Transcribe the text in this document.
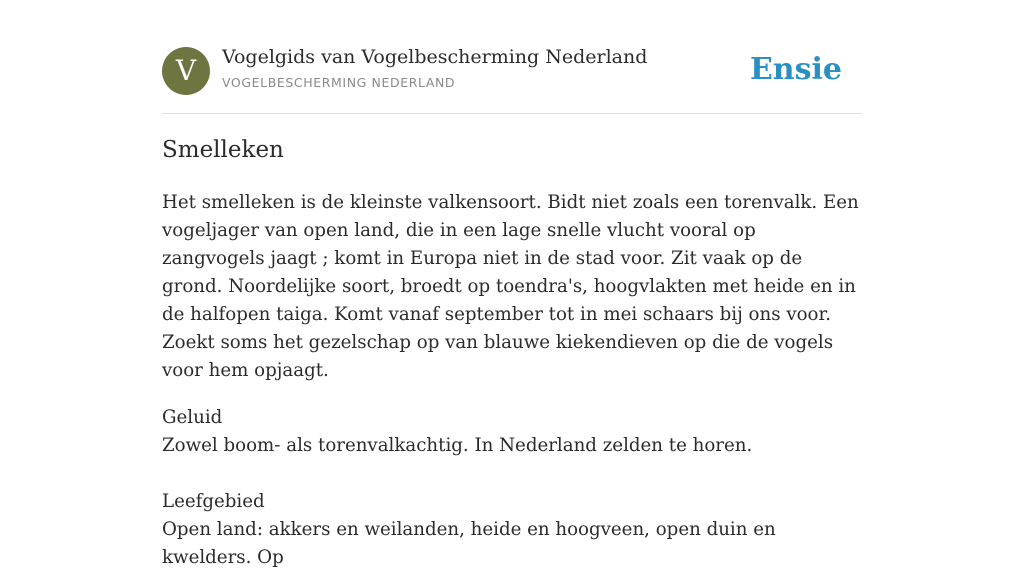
V	Vogelgids van Vogelbescherming Nederland
VOGELBESCHERMING NEDERLAND	Ensie
Smelleken

Het smelleken is de kleinste valkensoort. Bidt niet zoals een torenvalk. Een vogeljager van open land, die in een lage snelle vlucht vooral op zangvogels jaagt ; komt in Europa niet in de stad voor. Zit vaak op de grond. Noordelijke soort, broedt op toendra's, hoogvlakten met heide en in de halfopen taiga. Komt vanaf september tot in mei schaars bij ons voor. Zoekt soms het gezelschap op van blauwe kiekendieven op die de vogels voor hem opjaagt.

Geluid

Zowel boom- als torenvalkachtig. In Nederland zelden te horen.

Leefgebied

Open land: akkers en weilanden, heide en hoogveen, open duin en kwelders. Op
